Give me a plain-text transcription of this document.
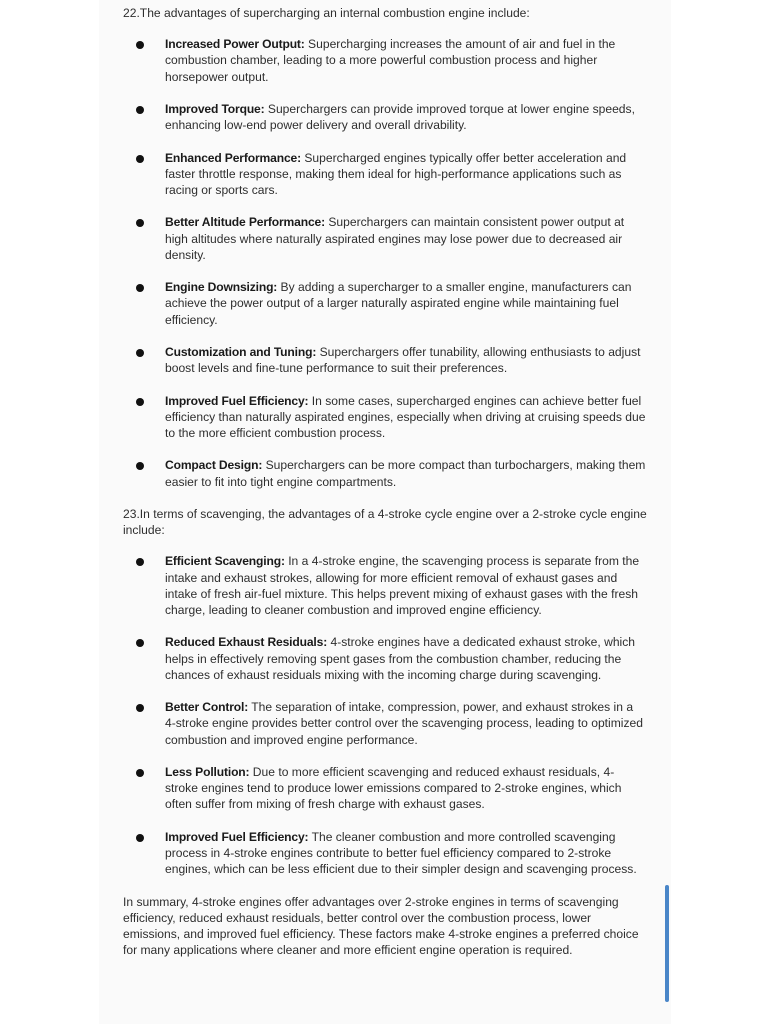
22.The advantages of supercharging an internal combustion engine include:

Increased Power Output: Supercharging increases the amount of air and fuel in the combustion chamber, leading to a more powerful combustion process and higher horsepower output.
Improved Torque: Superchargers can provide improved torque at lower engine speeds, enhancing low-end power delivery and overall drivability.
Enhanced Performance: Supercharged engines typically offer better acceleration and faster throttle response, making them ideal for high-performance applications such as racing or sports cars.
Better Altitude Performance: Superchargers can maintain consistent power output at high altitudes where naturally aspirated engines may lose power due to decreased air density.
Engine Downsizing: By adding a supercharger to a smaller engine, manufacturers can achieve the power output of a larger naturally aspirated engine while maintaining fuel efficiency.
Customization and Tuning: Superchargers offer tunability, allowing enthusiasts to adjust boost levels and fine-tune performance to suit their preferences.
Improved Fuel Efficiency: In some cases, supercharged engines can achieve better fuel efficiency than naturally aspirated engines, especially when driving at cruising speeds due to the more efficient combustion process.
Compact Design: Superchargers can be more compact than turbochargers, making them easier to fit into tight engine compartments.

23.In terms of scavenging, the advantages of a 4-stroke cycle engine over a 2-stroke cycle engine include:

Efficient Scavenging: In a 4-stroke engine, the scavenging process is separate from the intake and exhaust strokes, allowing for more efficient removal of exhaust gases and intake of fresh air-fuel mixture. This helps prevent mixing of exhaust gases with the fresh charge, leading to cleaner combustion and improved engine efficiency.
Reduced Exhaust Residuals: 4-stroke engines have a dedicated exhaust stroke, which helps in effectively removing spent gases from the combustion chamber, reducing the chances of exhaust residuals mixing with the incoming charge during scavenging.
Better Control: The separation of intake, compression, power, and exhaust strokes in a 4-stroke engine provides better control over the scavenging process, leading to optimized combustion and improved engine performance.
Less Pollution: Due to more efficient scavenging and reduced exhaust residuals, 4-stroke engines tend to produce lower emissions compared to 2-stroke engines, which often suffer from mixing of fresh charge with exhaust gases.
Improved Fuel Efficiency: The cleaner combustion and more controlled scavenging process in 4-stroke engines contribute to better fuel efficiency compared to 2-stroke engines, which can be less efficient due to their simpler design and scavenging process.

In summary, 4-stroke engines offer advantages over 2-stroke engines in terms of scavenging efficiency, reduced exhaust residuals, better control over the combustion process, lower emissions, and improved fuel efficiency. These factors make 4-stroke engines a preferred choice for many applications where cleaner and more efficient engine operation is required.
